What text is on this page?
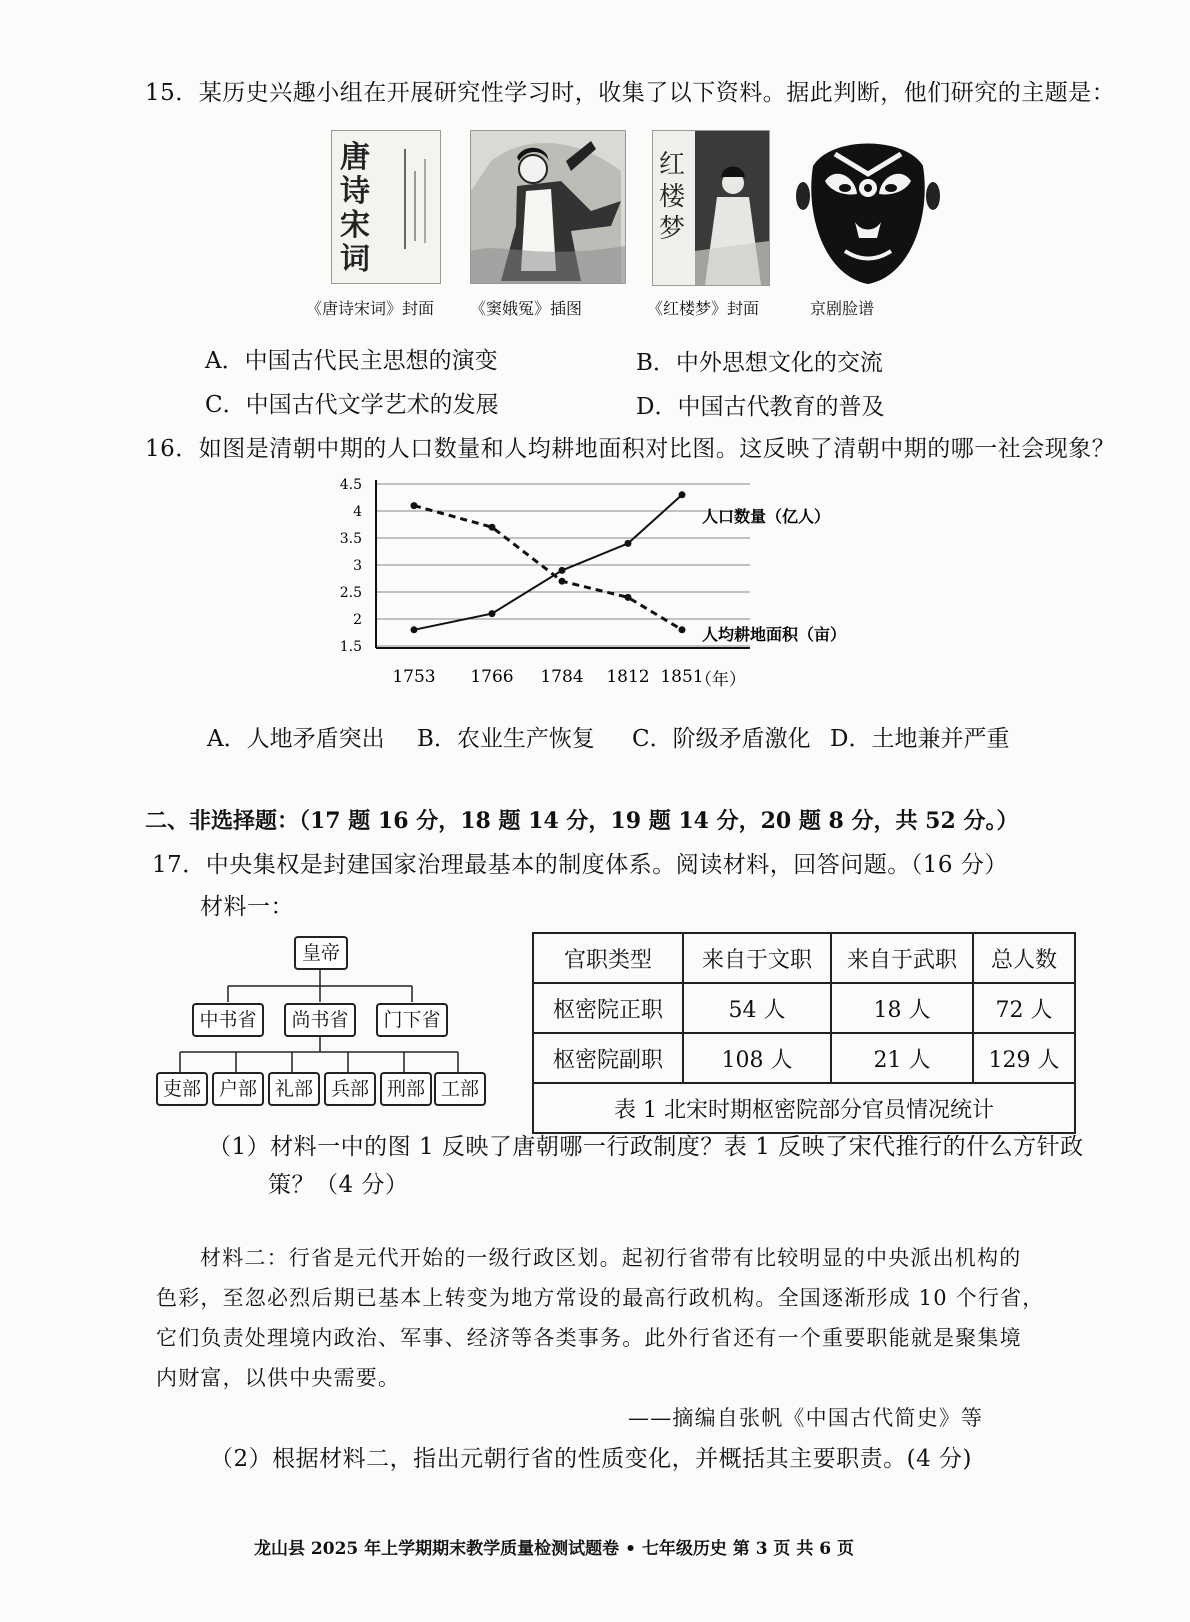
15．某历史兴趣小组在开展研究性学习时，收集了以下资料。据此判断，他们研究的主题是：
唐诗宋词
红楼梦
《唐诗宋词》封面 《窦娥冤》插图	《红楼梦》封面	京剧脸谱
A．中国古代民主思想的演变	B．中外思想文化的交流
C．中国古代文学艺术的发展	D．中国古代教育的普及
16．如图是清朝中期的人口数量和人均耕地面积对比图。这反映了清朝中期的哪一社会现象？
1.5
2
2.5
3
3.5
4
4.5
1753 1766 1784 1812 1851
（年）
人口数量（亿人）
人均耕地面积（亩）
A．人地矛盾突出 B．农业生产恢复 C．阶级矛盾激化 D．土地兼并严重
二、非选择题：（17 题 16 分，18 题 14 分，19 题 14 分，20 题 8 分，共 52 分。）
17．中央集权是封建国家治理最基本的制度体系。阅读材料，回答问题。（16 分）
材料一：
皇帝
中书省	尚书省	门下省
吏部 户部 礼部 兵部 刑部 工部
官职类型	来自于文职	来自于武职	总人数
枢密院正职	54 人	18 人	72 人
枢密院副职	108 人	21 人	129 人
表 1 北宋时期枢密院部分官员情况统计			
（1）材料一中的图 1 反映了唐朝哪一行政制度？表 1 反映了宋代推行的什么方针政
策？（4 分）
材料二：行省是元代开始的一级行政区划。起初行省带有比较明显的中央派出机构的
色彩，至忽必烈后期已基本上转变为地方常设的最高行政机构。全国逐渐形成 10 个行省，
它们负责处理境内政治、军事、经济等各类事务。此外行省还有一个重要职能就是聚集境
内财富，以供中央需要。
——摘编自张帆《中国古代简史》等
（2）根据材料二，指出元朝行省的性质变化，并概括其主要职责。(4 分)
龙山县 2025 年上学期期末教学质量检测试题卷 • 七年级历史 第 3 页 共 6 页
